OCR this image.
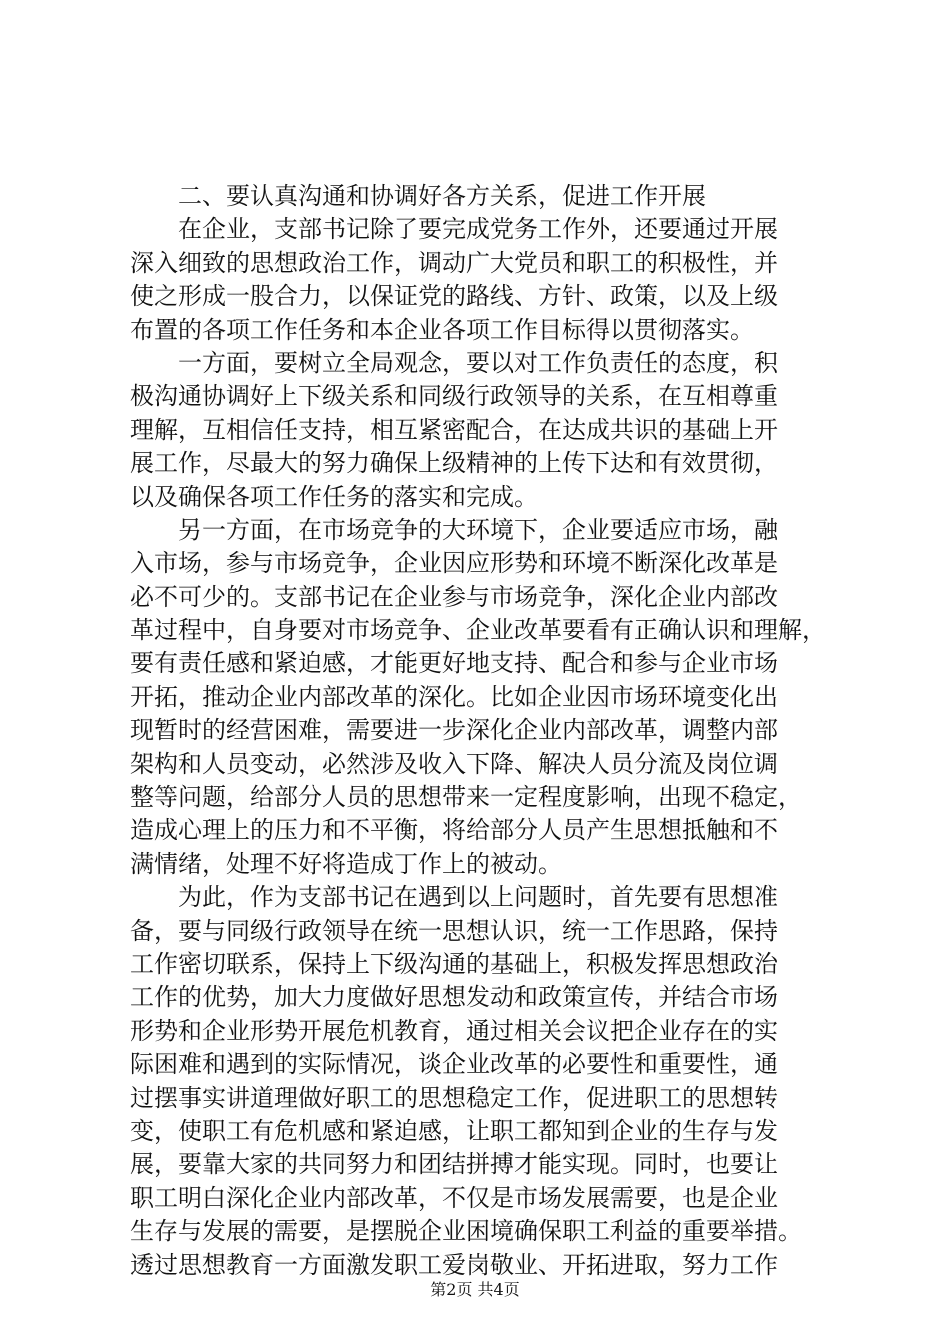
　　二、要认真沟通和协调好各方关系，促进工作开展
　　在企业，支部书记除了要完成党务工作外，还要通过开展
深入细致的思想政治工作，调动广大党员和职工的积极性，并
使之形成一股合力，以保证党的路线、方针、政策，以及上级
布置的各项工作任务和本企业各项工作目标得以贯彻落实。
　　一方面，要树立全局观念，要以对工作负责任的态度，积
极沟通协调好上下级关系和同级行政领导的关系，在互相尊重
理解，互相信任支持，相互紧密配合，在达成共识的基础上开
展工作，尽最大的努力确保上级精神的上传下达和有效贯彻，
以及确保各项工作任务的落实和完成。
　　另一方面，在市场竞争的大环境下，企业要适应市场，融
入市场，参与市场竞争，企业因应形势和环境不断深化改革是
必不可少的。支部书记在企业参与市场竞争，深化企业内部改
革过程中，自身要对市场竞争、企业改革要看有正确认识和理解，
要有责任感和紧迫感，才能更好地支持、配合和参与企业市场
开拓，推动企业内部改革的深化。比如企业因市场环境变化出
现暂时的经营困难，需要进一步深化企业内部改革，调整内部
架构和人员变动，必然涉及收入下降、解决人员分流及岗位调
整等问题，给部分人员的思想带来一定程度影响，出现不稳定，
造成心理上的压力和不平衡，将给部分人员产生思想抵触和不
满情绪，处理不好将造成丁作上的被动。
　　为此，作为支部书记在遇到以上问题时，首先要有思想准
备，要与同级行政领导在统一思想认识，统一工作思路，保持
工作密切联系，保持上下级沟通的基础上，积极发挥思想政治
工作的优势，加大力度做好思想发动和政策宣传，并结合市场
形势和企业形势开展危机教育，通过相关会议把企业存在的实
际困难和遇到的实际情况，谈企业改革的必要性和重要性，通
过摆事实讲道理做好职工的思想稳定工作，促进职工的思想转
变，使职工有危机感和紧迫感，让职工都知到企业的生存与发
展，要靠大家的共同努力和团结拼搏才能实现。同时，也要让
职工明白深化企业内部改革，不仅是市场发展需要，也是企业
生存与发展的需要，是摆脱企业困境确保职工利益的重要举措。
透过思想教育一方面激发职工爱岗敬业、开拓进取，努力工作
第2页 共4页
